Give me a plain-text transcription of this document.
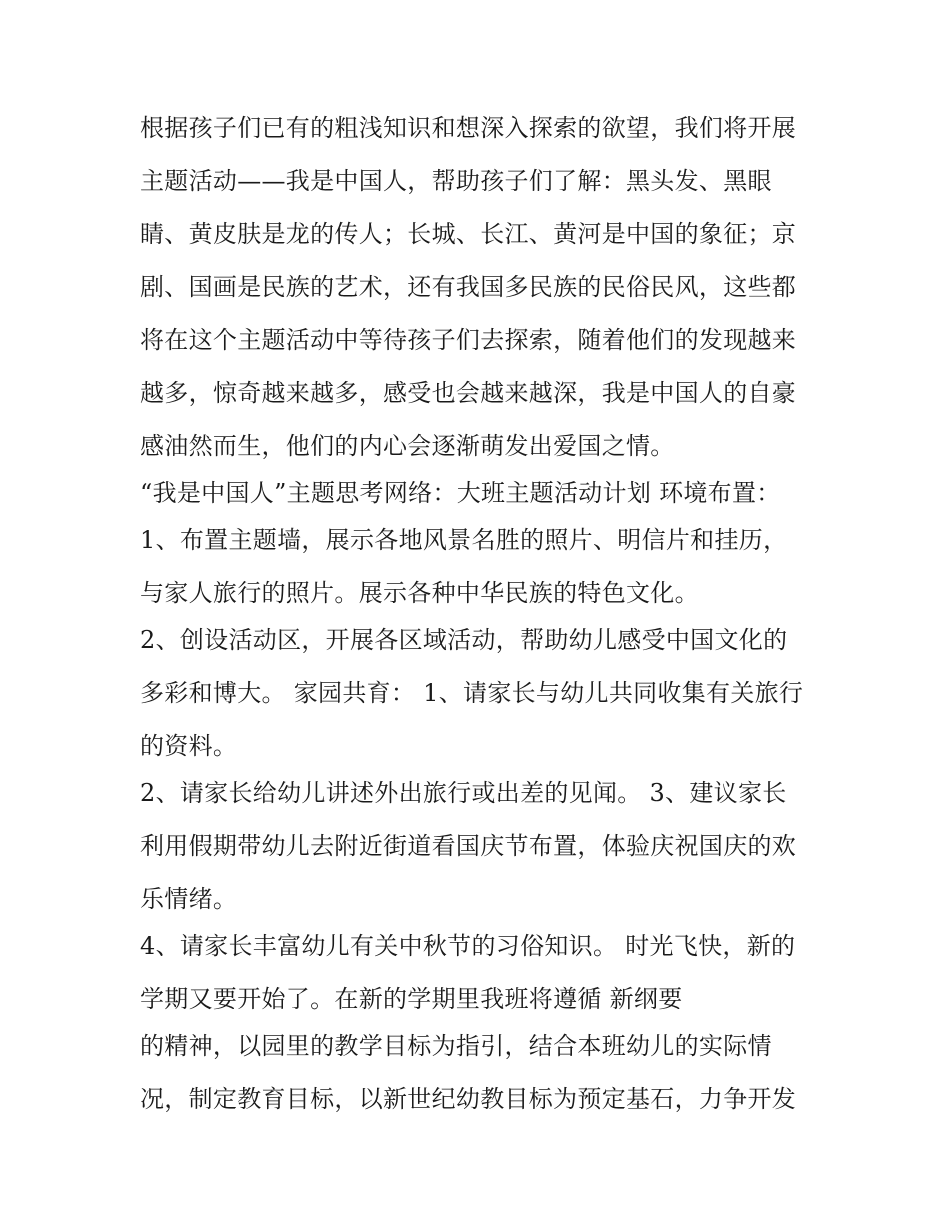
根据孩子们已有的粗浅知识和想深入探索的欲望，我们将开展
主题活动——我是中国人，帮助孩子们了解：黑头发、黑眼
睛、黄皮肤是龙的传人；长城、长江、黄河是中国的象征；京
剧、国画是民族的艺术，还有我国多民族的民俗民风，这些都
将在这个主题活动中等待孩子们去探索，随着他们的发现越来
越多，惊奇越来越多，感受也会越来越深，我是中国人的自豪
感油然而生，他们的内心会逐渐萌发出爱国之情。
“我是中国人”主题思考网络：大班主题活动计划 环境布置：
1、布置主题墙，展示各地风景名胜的照片、明信片和挂历，
与家人旅行的照片。展示各种中华民族的特色文化。
2、创设活动区，开展各区域活动，帮助幼儿感受中国文化的
多彩和博大。 家园共育： 1、请家长与幼儿共同收集有关旅行
的资料。
2、请家长给幼儿讲述外出旅行或出差的见闻。 3、建议家长
利用假期带幼儿去附近街道看国庆节布置，体验庆祝国庆的欢
乐情绪。
4、请家长丰富幼儿有关中秋节的习俗知识。 时光飞快，新的
学期又要开始了。在新的学期里我班将遵循 新纲要
的精神，以园里的教学目标为指引，结合本班幼儿的实际情
况，制定教育目标，以新世纪幼教目标为预定基石，力争开发
